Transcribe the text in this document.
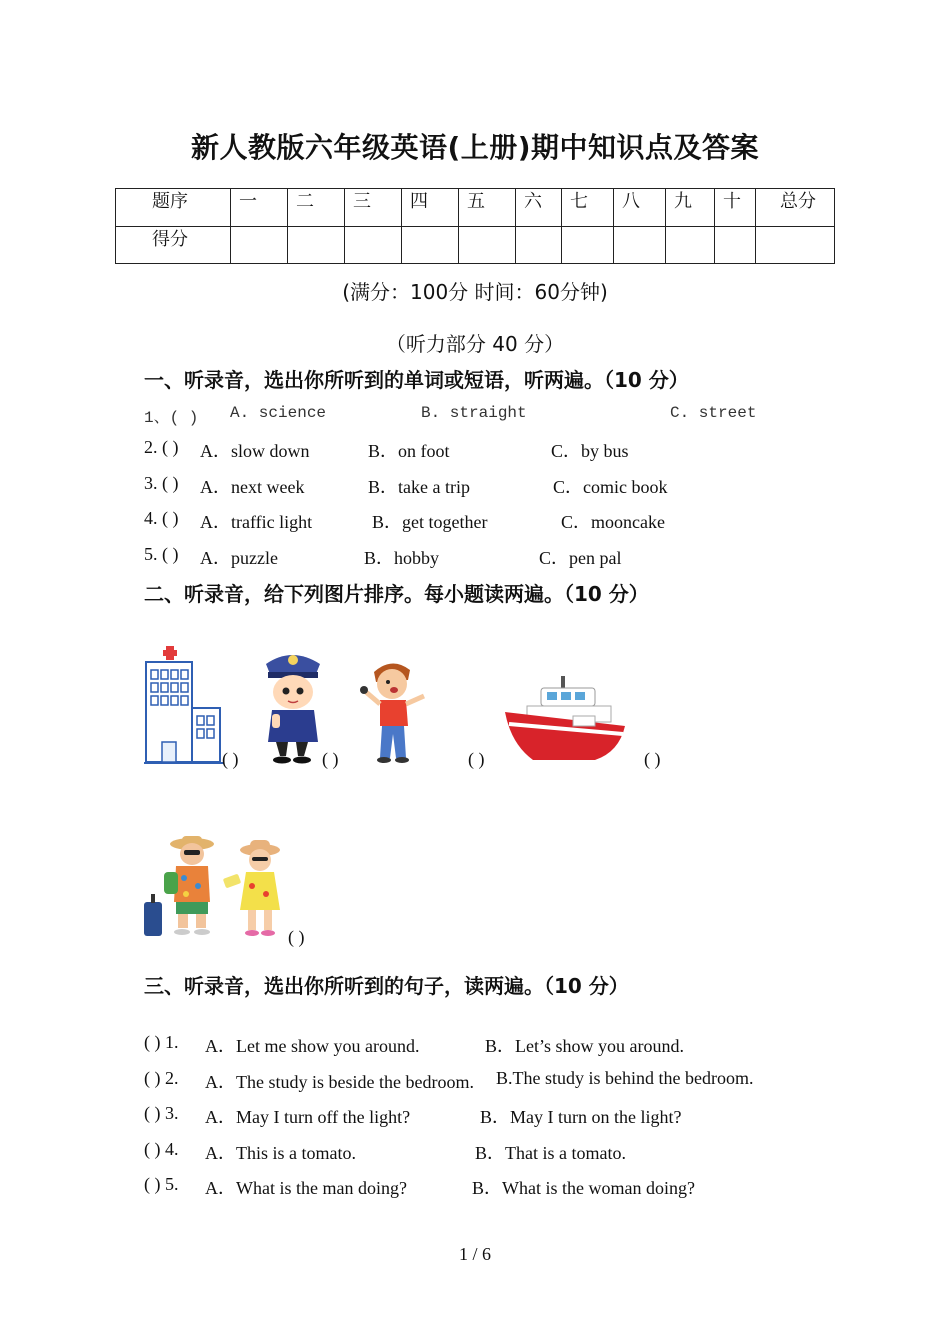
新人教版六年级英语(上册)期中知识点及答案
题序	一	二	三	四	五	六	七	八	九	十	总分
得分											
(满分：100分 时间：60分钟)
（听力部分 40 分）
一、听录音，选出你所听到的单词或短语，听两遍。（10 分）
1、( ) A. science	B. straight	C. street
2. ( ) A．slow down	B．on foot	C．by bus
3. ( ) A．next week	B．take a trip	C．comic book
4. ( ) A．traffic light	B．get together	C．mooncake
5. ( ) A．puzzle	B．hobby	C．pen pal
二、听录音，给下列图片排序。每小题读两遍。（10 分）
( )	( )	( )	( )
( )
三、听录音，选出你所听到的句子，读两遍。（10 分）
( ) 1. A．Let me show you around.	B．Let’s show you around.
( ) 2. A．The study is beside the bedroom. B.The study is behind the bedroom.
( ) 3. A．May I turn off the light?	B．May I turn on the light?
( ) 4. A．This is a tomato.	B．That is a tomato.
( ) 5. A．What is the man doing?	B．What is the woman doing?
1 / 6
